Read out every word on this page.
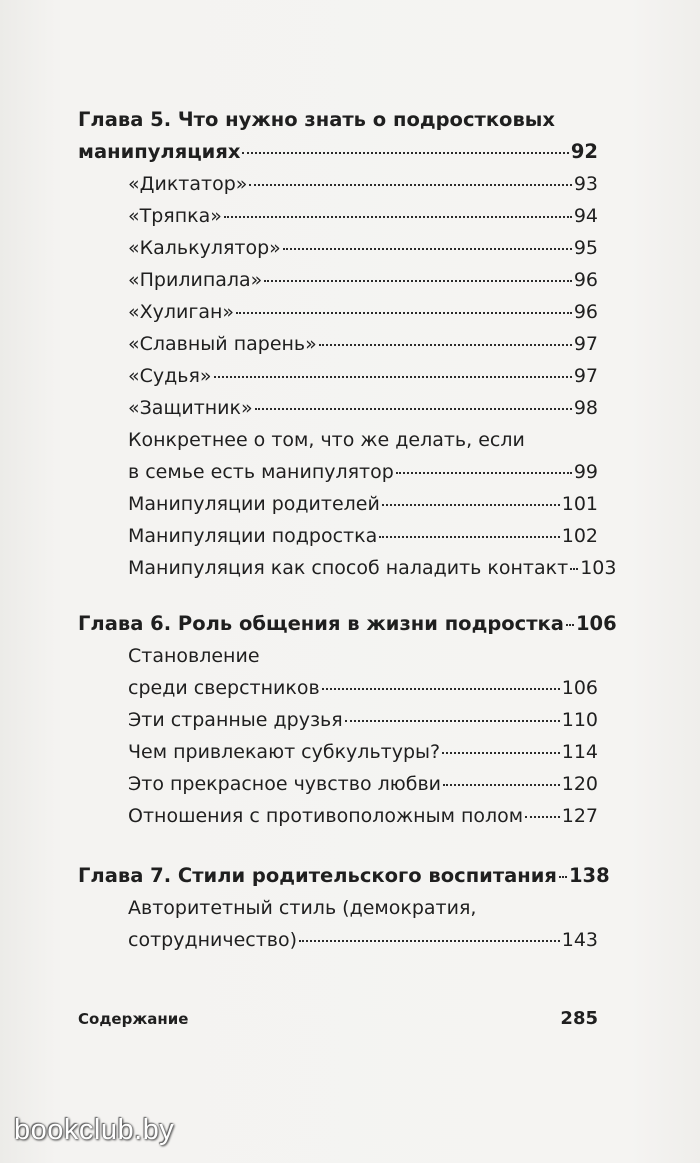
Глава 5. Что нужно знать о подростковых
манипуляциях	92
«Диктатор»	93
«Тряпка»	94
«Калькулятор»	95
«Прилипала»	96
«Хулиган»	96
«Славный парень»	97
«Судья»	97
«Защитник»	98
Конкретнее о том, что же делать, если
в семье есть манипулятор	99
Манипуляции родителей	101
Манипуляции подростка	102
Манипуляция как способ наладить контакт 103
Глава 6. Роль общения в жизни подростка 106
Становление
среди сверстников	106
Эти странные друзья	110
Чем привлекают субкультуры?	114
Это прекрасное чувство любви	120
Отношения с противоположным полом 127
Глава 7. Стили родительского воспитания 138
Авторитетный стиль (демократия,
сотрудничество)	143
Содержание	285
bookclub.by
